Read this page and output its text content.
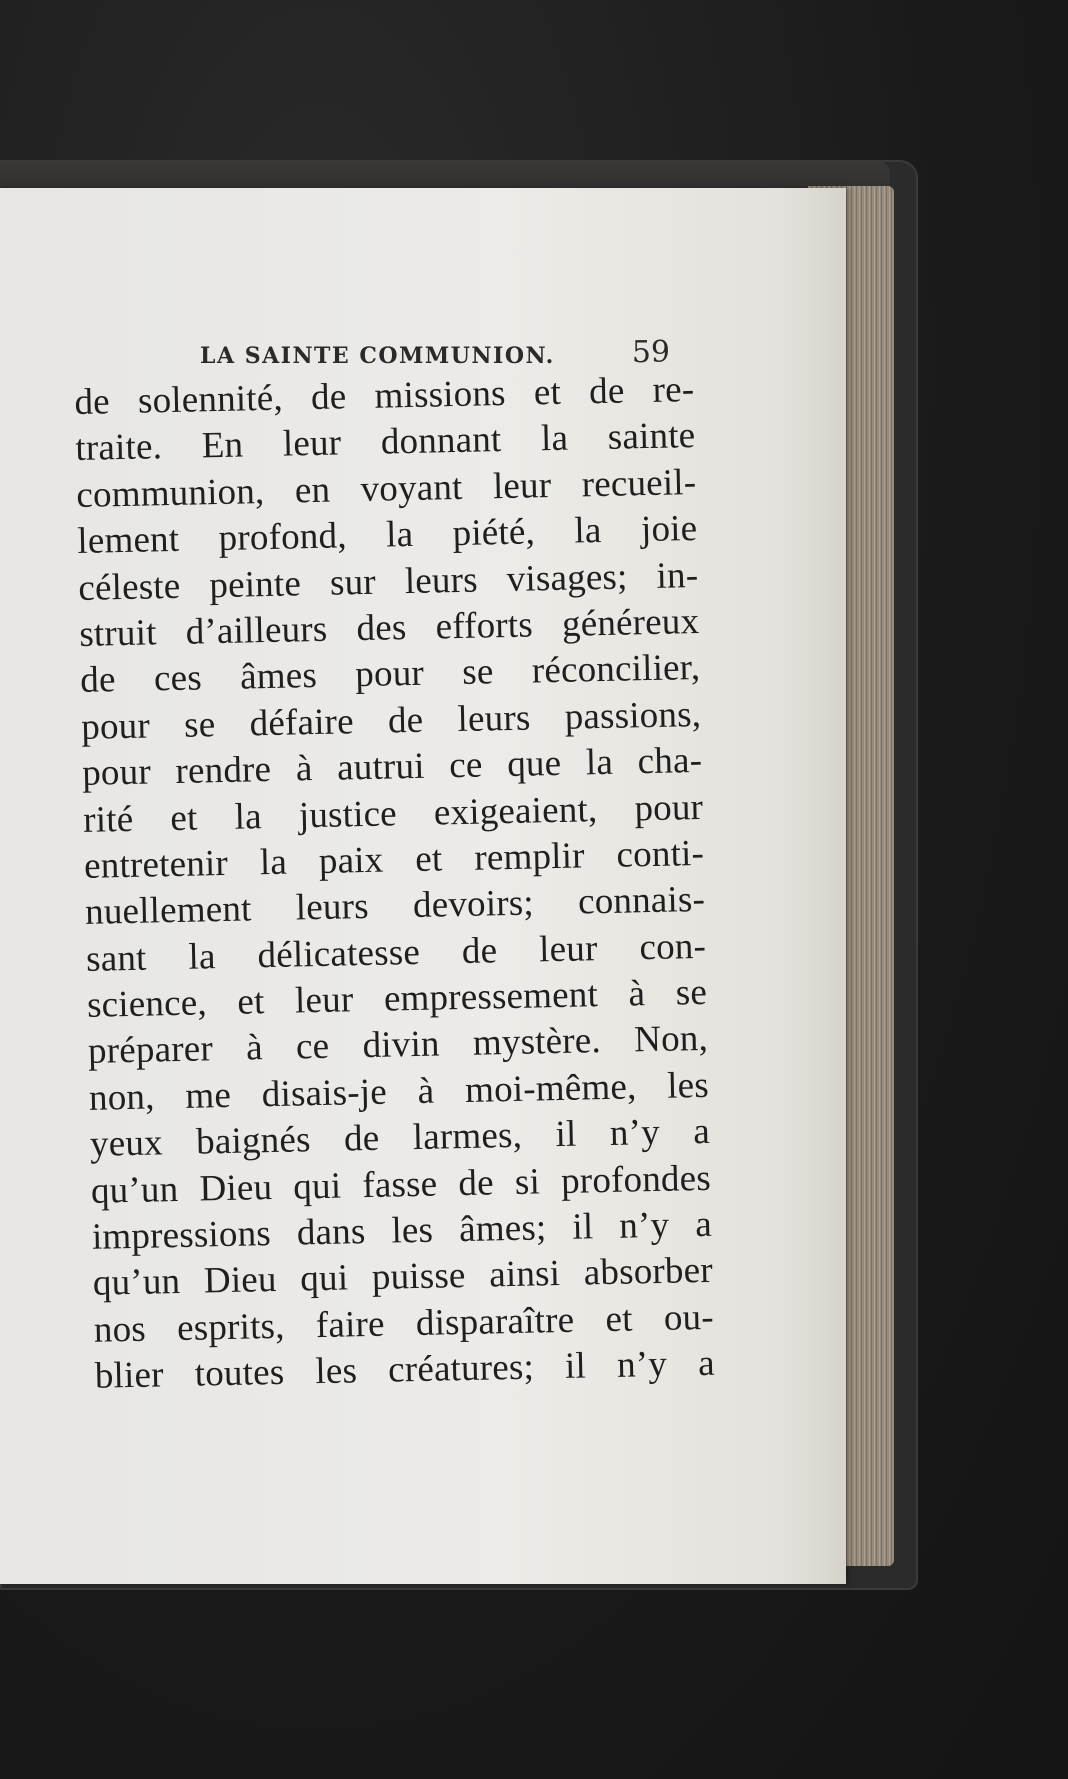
LA SAINTE COMMUNION.	59
de solennité, de missions et de re-
traite. En leur donnant la sainte
communion, en voyant leur recueil-
lement profond, la piété, la joie
céleste peinte sur leurs visages; in-
struit d’ailleurs des efforts généreux
de ces âmes pour se réconcilier,
pour se défaire de leurs passions,
pour rendre à autrui ce que la cha-
rité et la justice exigeaient, pour
entretenir la paix et remplir conti-
nuellement leurs devoirs; connais-
sant la délicatesse de leur con-
science, et leur empressement à se
préparer à ce divin mystère. Non,
non, me disais-je à moi-même, les
yeux baignés de larmes, il n’y a
qu’un Dieu qui fasse de si profondes
impressions dans les âmes; il n’y a
qu’un Dieu qui puisse ainsi absorber
nos esprits, faire disparaître et ou-
blier toutes les créatures; il n’y a
